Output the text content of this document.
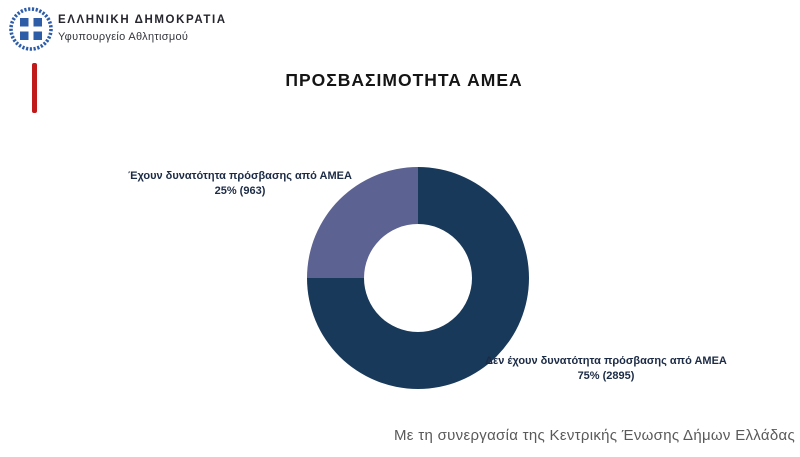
ΕΛΛΗΝΙΚΗ ΔΗΜΟΚΡΑΤΙΑ
Υφυπουργείο Αθλητισμού
ΠΡΟΣΒΑΣΙΜΟΤΗΤΑ ΑΜΕΑ
Έχουν δυνατότητα πρόσβασης από ΑΜΕΑ
25% (963)
Δεν έχουν δυνατότητα πρόσβασης από ΑΜΕΑ
75% (2895)
Με τη συνεργασία της Κεντρικής Ένωσης Δήμων Ελλάδας
